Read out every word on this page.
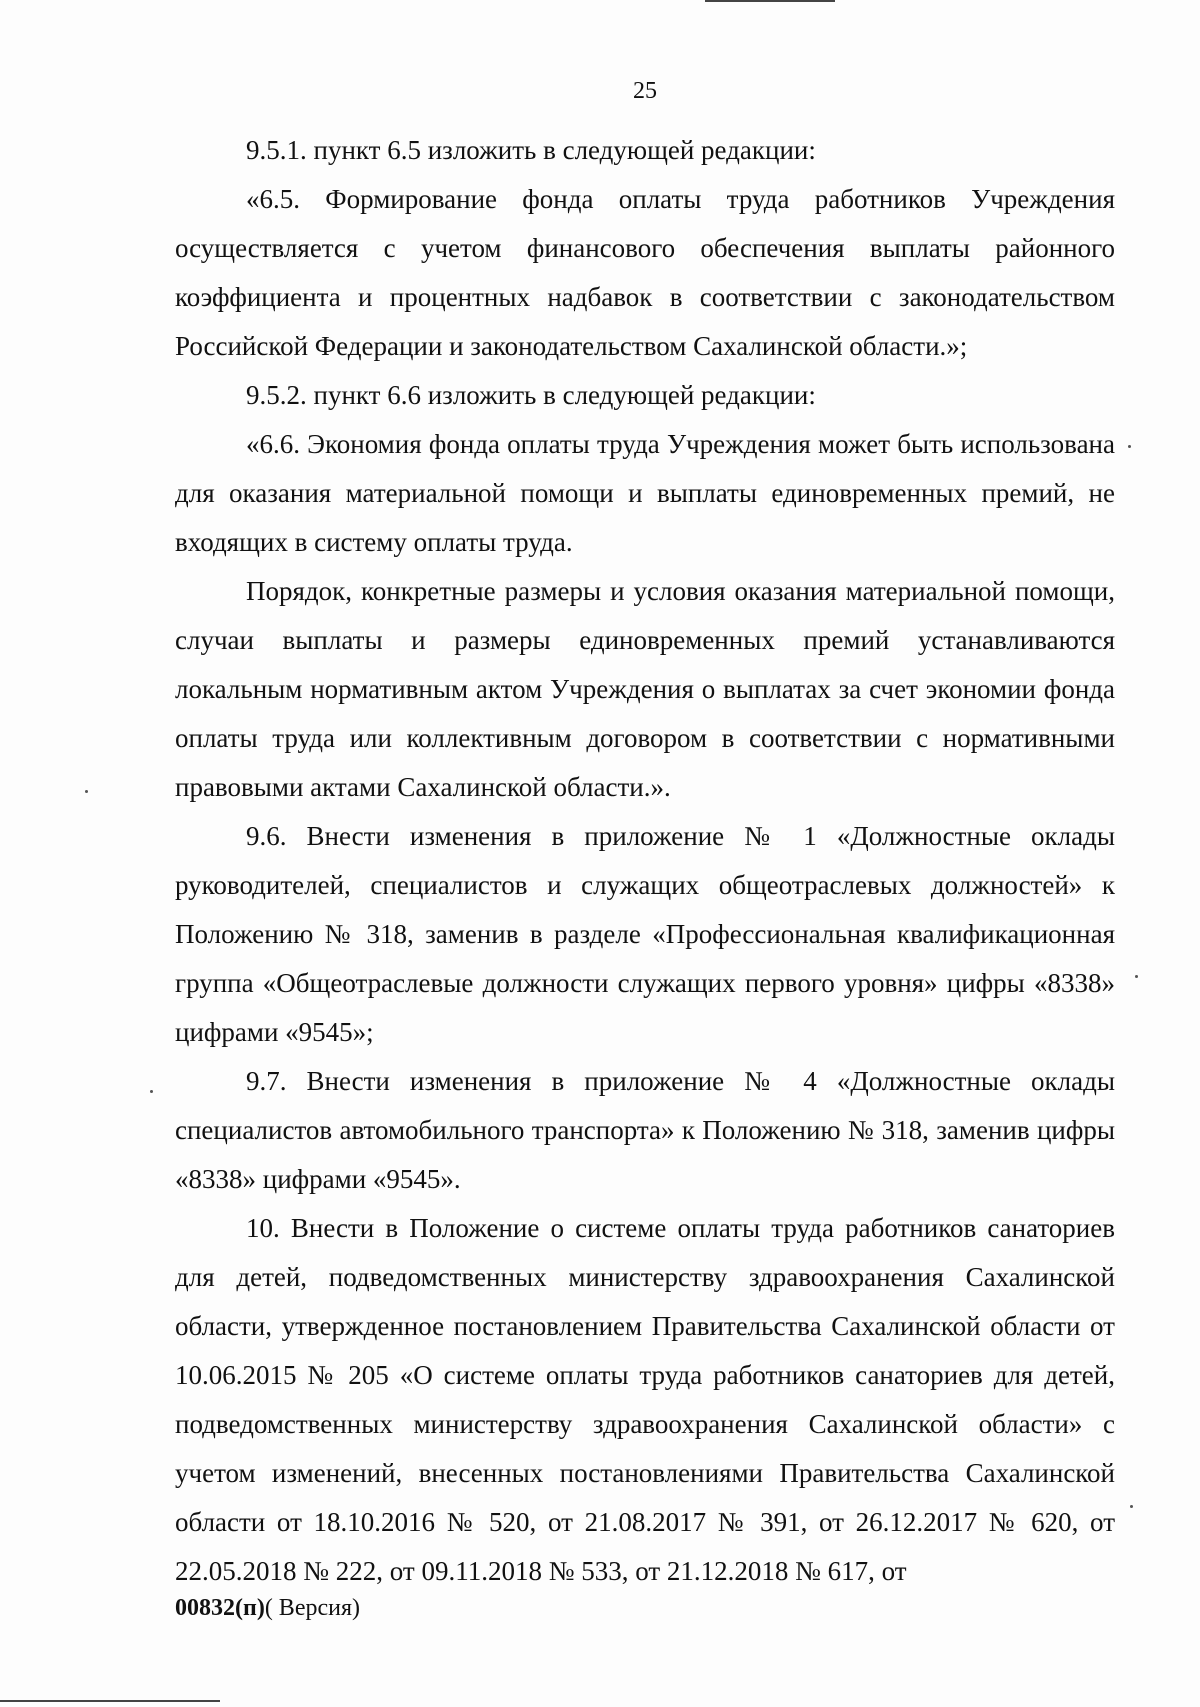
25

9.5.1. пункт 6.5 изложить в следующей редакции:

«6.5. Формирование фонда оплаты труда работников Учреждения осуществляется с учетом финансового обеспечения выплаты районного коэффициента и процентных надбавок в соответствии с законодательством Российской Федерации и законодательством Сахалинской области.»;

9.5.2. пункт 6.6 изложить в следующей редакции:

«6.6. Экономия фонда оплаты труда Учреждения может быть использована для оказания материальной помощи и выплаты единовременных премий, не входящих в систему оплаты труда.

Порядок, конкретные размеры и условия оказания материальной помощи, случаи выплаты и размеры единовременных премий устанавливаются локальным нормативным актом Учреждения о выплатах за счет экономии фонда оплаты труда или коллективным договором в соответствии с нормативными правовыми актами Сахалинской области.».

9.6. Внести изменения в приложение № 1 «Должностные оклады руководителей, специалистов и служащих общеотраслевых должностей» к Положению № 318, заменив в разделе «Профессиональная квалификационная группа «Общеотраслевые должности служащих первого уровня» цифры «8338» цифрами «9545»;

9.7. Внести изменения в приложение № 4 «Должностные оклады специалистов автомобильного транспорта» к Положению № 318, заменив цифры «8338» цифрами «9545».

10. Внести в Положение о системе оплаты труда работников санаториев для детей, подведомственных министерству здравоохранения Сахалинской области, утвержденное постановлением Правительства Сахалинской области от 10.06.2015 № 205 «О системе оплаты труда работников санаториев для детей, подведомственных министерству здравоохранения Сахалинской области» с учетом изменений, внесенных постановлениями Правительства Сахалинской области от 18.10.2016 № 520, от 21.08.2017 № 391, от 26.12.2017 № 620, от 22.05.2018 № 222, от 09.11.2018 № 533, от 21.12.2018 № 617, от

00832(п)( Версия)
